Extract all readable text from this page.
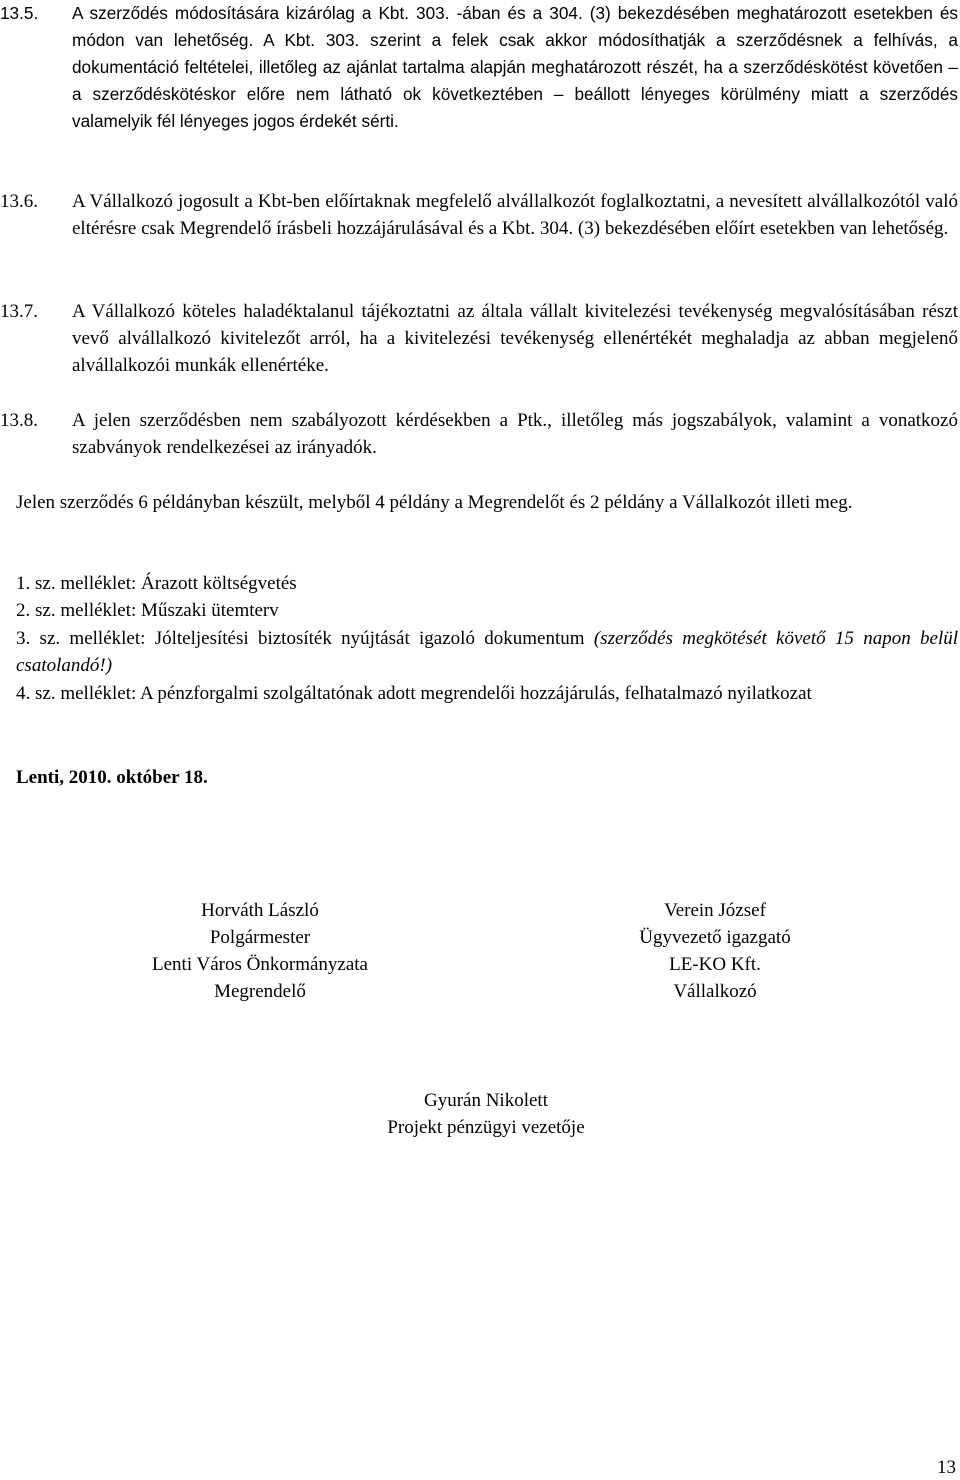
13.5. A szerződés módosítására kizárólag a Kbt. 303. -ában és a 304. (3) bekezdésében meghatározott esetekben és módon van lehetőség. A Kbt. 303. szerint a felek csak akkor módosíthatják a szerződésnek a felhívás, a dokumentáció feltételei, illetőleg az ajánlat tartalma alapján meghatározott részét, ha a szerződéskötést követően – a szerződéskötéskor előre nem látható ok következtében – beállott lényeges körülmény miatt a szerződés valamelyik fél lényeges jogos érdekét sérti.
13.6. A Vállalkozó jogosult a Kbt-ben előírtaknak megfelelő alvállalkozót foglalkoztatni, a nevesített alvállalkozótól való eltérésre csak Megrendelő írásbeli hozzájárulásával és a Kbt. 304. (3) bekezdésében előírt esetekben van lehetőség.
13.7. A Vállalkozó köteles haladéktalanul tájékoztatni az általa vállalt kivitelezési tevékenység megvalósításában részt vevő alvállalkozó kivitelezőt arról, ha a kivitelezési tevékenység ellenértékét meghaladja az abban megjelenő alvállalkozói munkák ellenértéke.
13.8. A jelen szerződésben nem szabályozott kérdésekben a Ptk., illetőleg más jogszabályok, valamint a vonatkozó szabványok rendelkezései az irányadók.
Jelen szerződés 6 példányban készült, melyből 4 példány a Megrendelőt és 2 példány a Vállalkozót illeti meg.
1. sz. melléklet: Árazott költségvetés
2. sz. melléklet: Műszaki ütemterv
3. sz. melléklet: Jólteljesítési biztosíték nyújtását igazoló dokumentum (szerződés megkötését követő 15 napon belül csatolandó!)
4. sz. melléklet: A pénzforgalmi szolgáltatónak adott megrendelői hozzájárulás, felhatalmazó nyilatkozat
Lenti, 2010. október 18.
Horváth László
Polgármester
Lenti Város Önkormányzata
Megrendelő
Verein József
Ügyvezető igazgató
LE-KO Kft.
Vállalkozó
Gyurán Nikolett
Projekt pénzügyi vezetője
13
